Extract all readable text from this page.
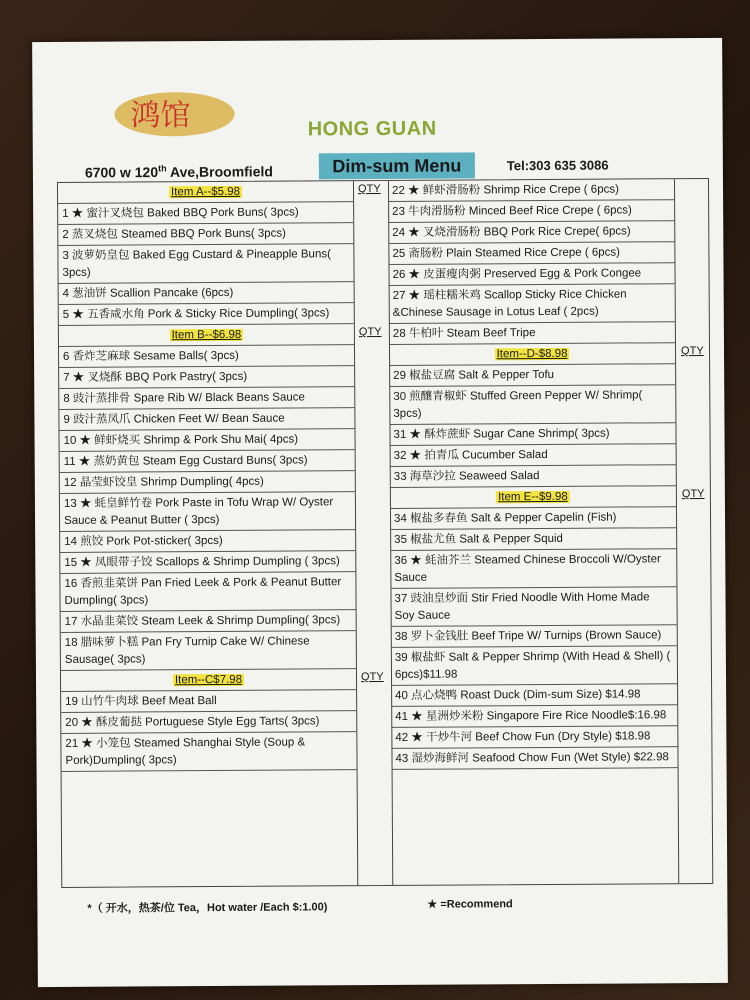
鸿馆	HONG GUAN
6700 w 120th Ave,Broomfield	Dim-sum Menu	Tel:303 635 3086
QTY
Item A--$5.98
1 ★ 蜜汁叉烧包 Baked BBQ Pork Buns( 3pcs)
2 蒸叉烧包 Steamed BBQ Pork Buns( 3pcs)
3 波萝奶皇包 Baked Egg Custard & Pineapple Buns( 3pcs)
4 葱油饼 Scallion Pancake (6pcs)
5 ★ 五香咸水角 Pork & Sticky Rice Dumpling( 3pcs)
QTY
Item B--$6.98
6 香炸芝麻球 Sesame Balls( 3pcs)
7 ★ 叉烧酥 BBQ Pork Pastry( 3pcs)
8 豉汁蒸排骨 Spare Rib W/ Black Beans Sauce
9 豉汁蒸凤爪 Chicken Feet W/ Bean Sauce
10 ★ 鲜虾烧买 Shrimp & Pork Shu Mai( 4pcs)
11 ★ 蒸奶黄包 Steam Egg Custard Buns( 3pcs)
12 晶莹虾饺皇 Shrimp Dumpling( 4pcs)
13 ★ 蚝皇鲜竹卷 Pork Paste in Tofu Wrap W/ Oyster Sauce & Peanut Butter ( 3pcs)
14 煎饺 Pork Pot-sticker( 3pcs)
15 ★ 凤眼带子饺 Scallops & Shrimp Dumpling ( 3pcs)
16 香煎韭菜饼 Pan Fried Leek & Pork & Peanut Butter Dumpling( 3pcs)
17 水晶韭菜饺 Steam Leek & Shrimp Dumpling( 3pcs)
18 腊味萝卜糕 Pan Fry Turnip Cake W/ Chinese Sausage( 3pcs)
QTY
Item--C$7.98
19 山竹牛肉球 Beef Meat Ball
20 ★ 酥皮葡挞 Portuguese Style Egg Tarts( 3pcs)
21 ★ 小笼包 Steamed Shanghai Style (Soup & Pork)Dumpling( 3pcs)
22 ★ 鲜虾滑肠粉 Shrimp Rice Crepe ( 6pcs)
23 牛肉滑肠粉 Minced Beef Rice Crepe ( 6pcs)
24 ★ 叉烧滑肠粉 BBQ Pork Rice Crepe( 6pcs)
25 斋肠粉 Plain Steamed Rice Crepe ( 6pcs)
26 ★ 皮蛋瘦肉粥 Preserved Egg & Pork Congee
27 ★ 瑶柱糯米鸡 Scallop Sticky Rice Chicken &Chinese Sausage in Lotus Leaf ( 2pcs)
28 牛柏叶 Steam Beef Tripe
QTY
Item--D-$8.98
29 椒盐豆腐 Salt & Pepper Tofu
30 煎釀青椒虾 Stuffed Green Pepper W/ Shrimp( 3pcs)
31 ★ 酥炸蔗虾 Sugar Cane Shrimp( 3pcs)
32 ★ 拍青瓜 Cucumber Salad
33 海草沙拉 Seaweed Salad
QTY
Item E--$9.98
34 椒盐多春鱼 Salt & Pepper Capelin (Fish)
35 椒盐尤鱼 Salt & Pepper Squid
36 ★ 蚝油芥兰 Steamed Chinese Broccoli W/Oyster Sauce
37 豉油皇炒面 Stir Fried Noodle With Home Made Soy Sauce
38 罗卜金钱肚 Beef Tripe W/ Turnips (Brown Sauce)
39 椒盐虾 Salt & Pepper Shrimp (With Head & Shell) ( 6pcs)$11.98
40 点心烧鸭 Roast Duck (Dim-sum Size) $14.98
41 ★ 星洲炒米粉 Singapore Fire Rice Noodle$:16.98
42 ★ 干炒牛河 Beef Chow Fun (Dry Style) $18.98
43 湿炒海鲜河 Seafood Chow Fun (Wet Style) $22.98
*（ 开水，热茶/位 Tea，Hot water /Each $:1.00)	★ =Recommend
